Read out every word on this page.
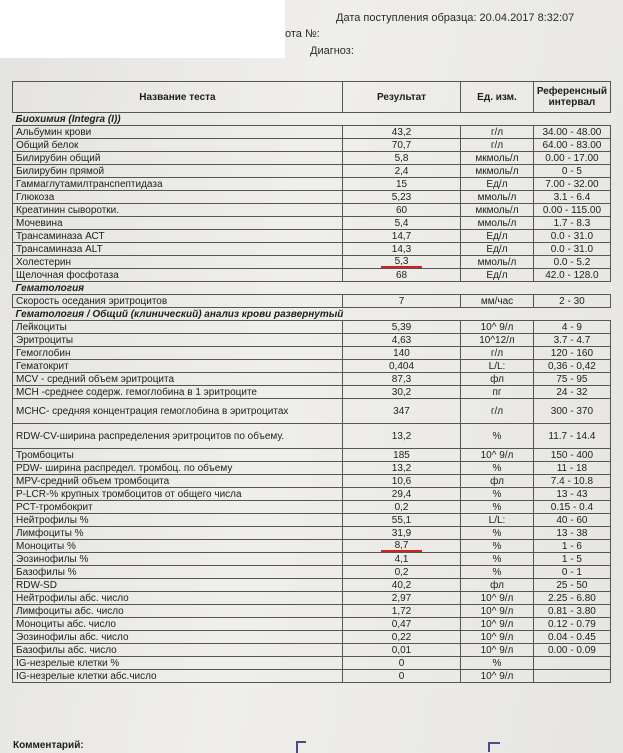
ота №:
Дата поступления образца: 20.04.2017 8:32:07
Диагноз:
Название теста	Результат	Ед. изм.	Референсный интервал
Биохимия (Integra (I))			
Альбумин крови	43,2	г/л	34.00 - 48.00
Общий белок	70,7	г/л	64.00 - 83.00
Билирубин общий	5,8	мкмоль/л	0.00 - 17.00
Билирубин прямой	2,4	мкмоль/л	0 - 5
Гаммаглутамилтранспептидаза	15	Ед/л	7.00 - 32.00
Глюкоза	5,23	ммоль/л	3.1 - 6.4
Креатинин сыворотки.	60	мкмоль/л	0.00 - 115.00
Мочевина	5,4	ммоль/л	1.7 - 8.3
Трансаминаза АСТ	14,7	Ед/л	0.0 - 31.0
Трансаминаза ALT	14,3	Ед/л	0.0 - 31.0
Холестерин	5,3	ммоль/л	0.0 - 5.2
Щелочная фосфотаза	68	Ед/л	42.0 - 128.0
Гематология			
Скорость оседания эритроцитов	7	мм/час	2 - 30
Гематология / Общий (клинический) анализ крови развернутый			
Лейкоциты	5,39	10^ 9/л	4 - 9
Эритроциты	4,63	10^12/л	3.7 - 4.7
Гемоглобин	140	г/л	120 - 160
Гематокрит	0,404	L/L:	0,36 - 0,42
MCV - средний объем эритроцита	87,3	фл	75 - 95
MCH -среднее содерж. гемоглобина в 1 эритроците	30,2	пг	24 - 32
MCHC- средняя концентрация гемоглобина в эритроцитах	347	г/л	300 - 370
RDW-CV-ширина распределения эритроцитов по объему.	13,2	%	11.7 - 14.4
Тромбоциты	185	10^ 9/л	150 - 400
PDW- ширина распредел. тромбоц. по объему	13,2	%	11 - 18
MPV-средний объем тромбоцита	10,6	фл	7.4 - 10.8
P-LCR-% крупных тромбоцитов от общего числа	29,4	%	13 - 43
PCT-тромбокрит	0,2	%	0.15 - 0.4
Нейтрофилы %	55,1	L/L:	40 - 60
Лимфоциты %	31,9	%	13 - 38
Моноциты %	8,7	%	1 - 6
Эозинофилы %	4,1	%	1 - 5
Базофилы %	0,2	%	0 - 1
RDW-SD	40,2	фл	25 - 50
Нейтрофилы абс. число	2,97	10^ 9/л	2.25 - 6.80
Лимфоциты абс. число	1,72	10^ 9/л	0.81 - 3.80
Моноциты абс. число	0,47	10^ 9/л	0.12 - 0.79
Эозинофилы абс. число	0,22	10^ 9/л	0.04 - 0.45
Базофилы абс. число	0,01	10^ 9/л	0.00 - 0.09
IG-незрелые клетки %	0	%	
IG-незрелые клетки абс.число	0	10^ 9/л	
Комментарий:
